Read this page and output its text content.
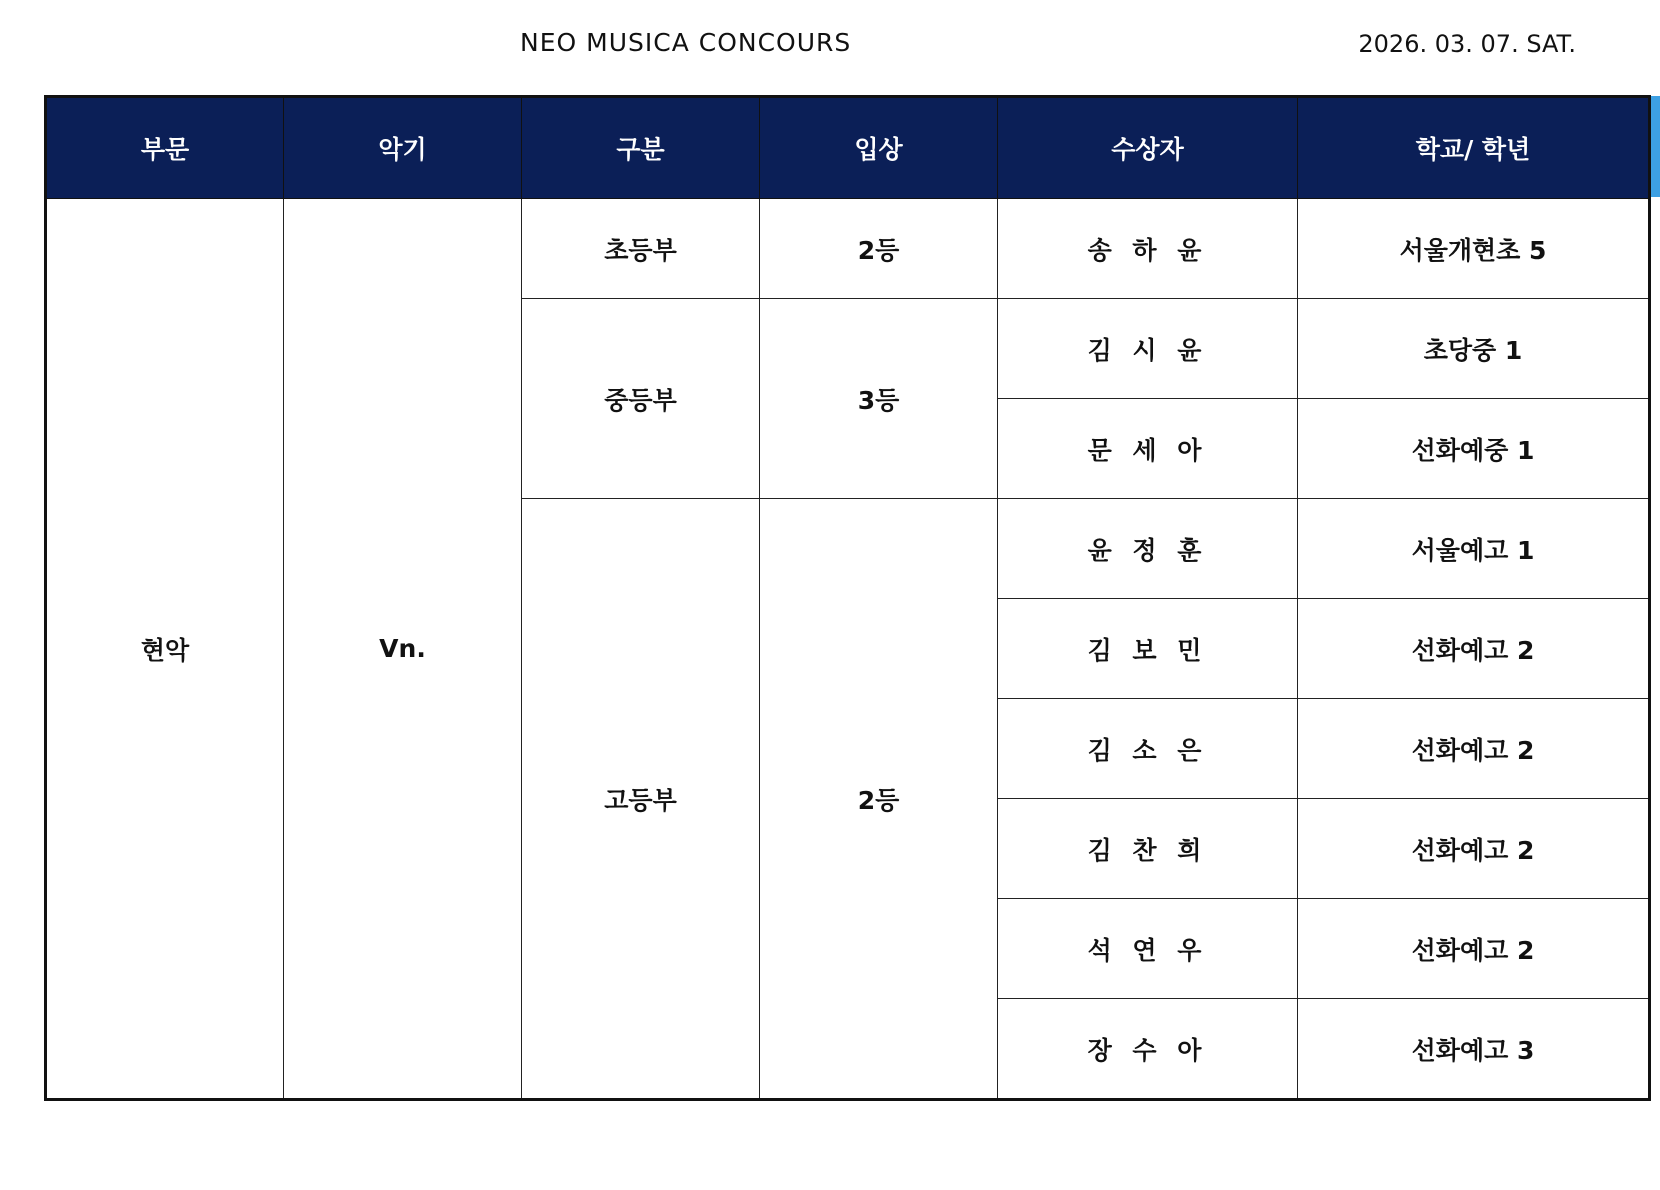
NEO MUSICA CONCOURS	2026. 03. 07. SAT.
부문	악기	구분	입상	수상자	학교/ 학년
현악	Vn.	초등부	2등	송 하 윤	서울개현초 5
		중등부	3등	김 시 윤	초당중 1
				문 세 아	선화예중 1
		고등부	2등	윤 정 훈	서울예고 1
				김 보 민	선화예고 2
				김 소 은	선화예고 2
				김 찬 희	선화예고 2
				석 연 우	선화예고 2
				장 수 아	선화예고 3
